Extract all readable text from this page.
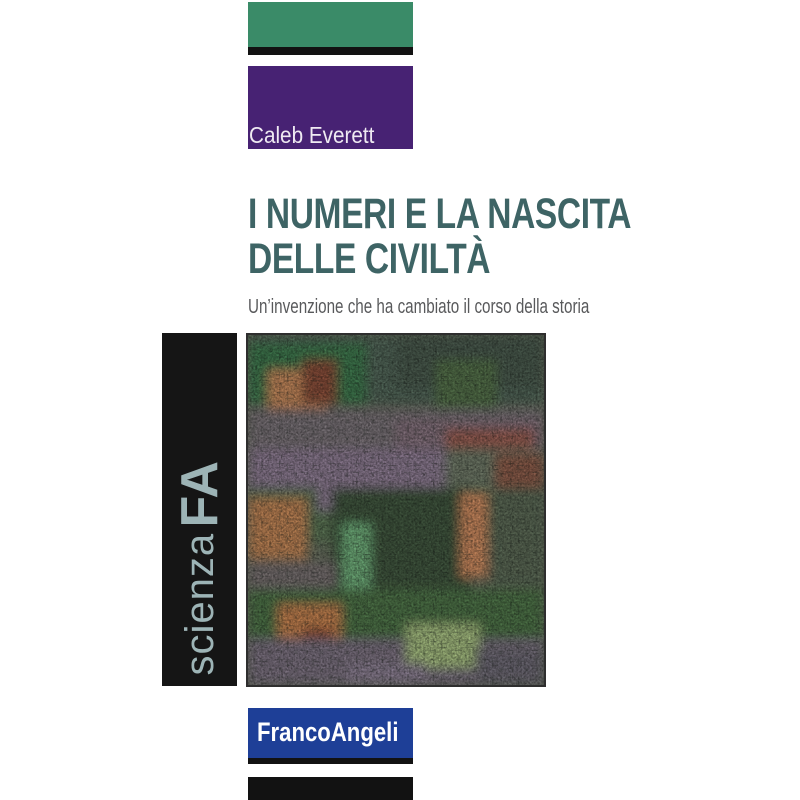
Caleb Everett
I NUMERI E LA NASCITA
DELLE CIVILTÀ
Un’invenzione che ha cambiato il corso della storia
scienza FA
FrancoAngeli
